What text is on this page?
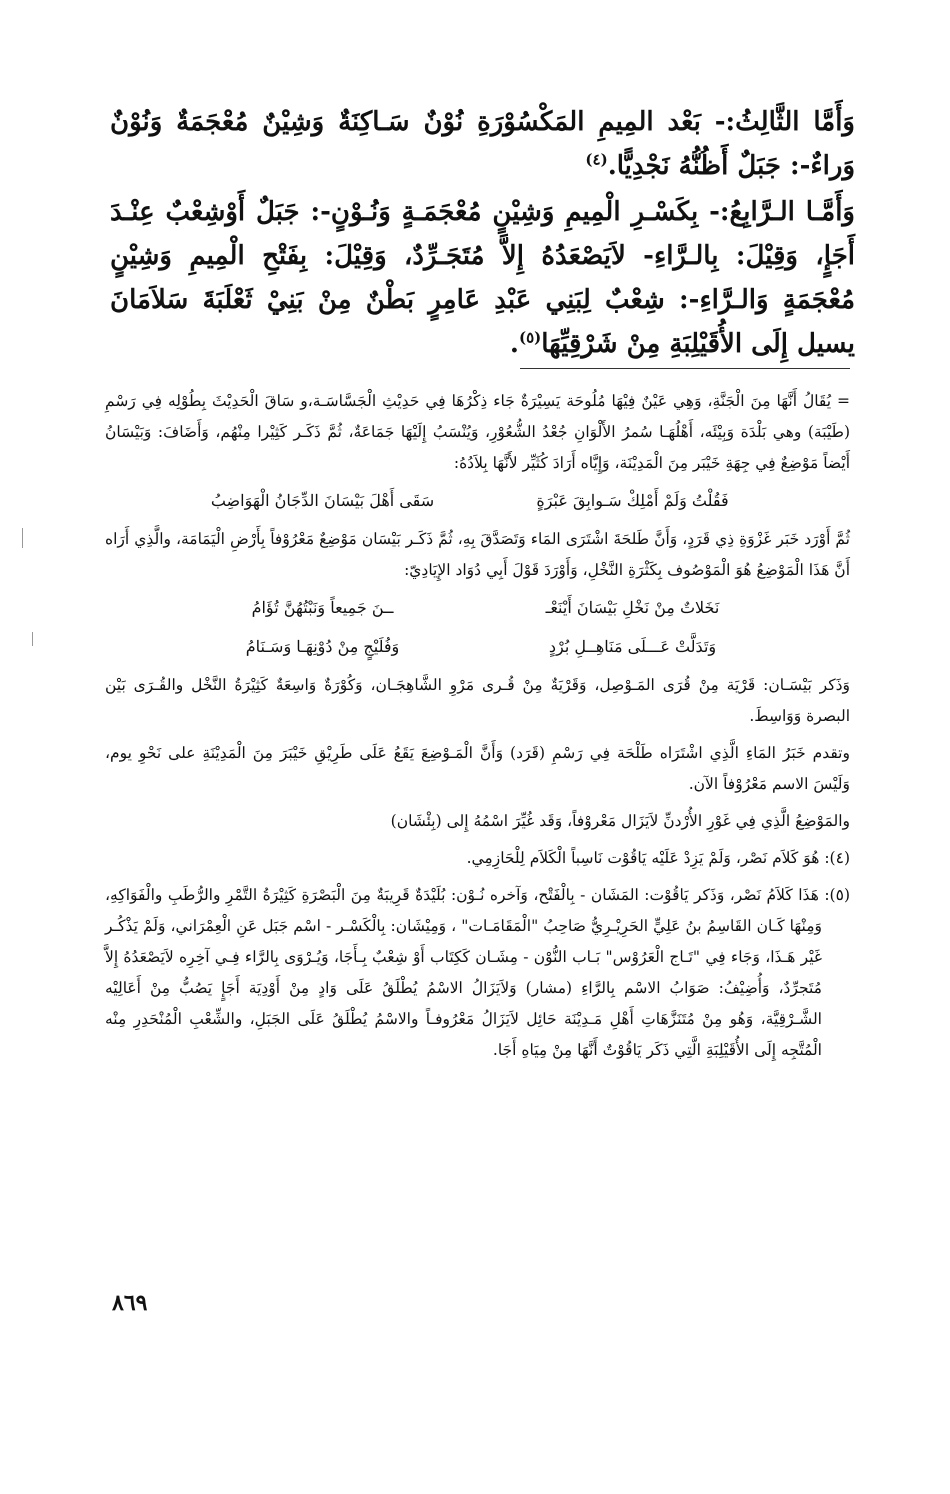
وَأَمَّا الثَّالِثُ:- بَعْد المِيمِ المَكْسُوْرَةِ نُوْنٌ سَـاكِنَةٌ وَشِيْنٌ مُعْجَمَةٌ وَنُوْنٌ وَراءٌ-: جَبَلٌ أَظُنُّهُ نَجْدِيًّا.$^{(٤)}$

وَأَمَّـا الـرَّابِعُ:- بِكَسْـرِ الْمِيمِ وَشِيْنٍ مُعْجَمَـةٍ وَنُـوْنٍ-: جَبَلٌ أَوْشِعْبٌ عِنْـدَ أَجَإٍ، وَقِيْلَ: بِالـرَّاءِ- لاَيَصْعَدُهُ إِلاَّ مُتَجَـرِّدٌ، وَقِيْلَ: بِفَتْحِ الْمِيمِ وَشِيْنٍ مُعْجَمَةٍ وَالـرَّاءِ-: شِعْبٌ لِبَنِي عَبْدِ عَامِرٍ بَطْنٌ مِنْ بَنِيْ ثَعْلَبَةَ سَلاَمَانَ يسيل إِلَى الأُقَيْلِبَةِ مِنْ شَرْقِيِّهَا$^{(٥)}$.

= يُقَالُ أَنَّهَا مِنَ الْجَنَّةِ، وَهِي عَيْنٌ فِيْهَا مُلُوحَة يَسِيْرَةٌ جَاء ذِكْرُهَا فِي حَدِيْثِ الْجَسَّاسَـة،و سَاقَ الْحَدِيْثَ بِطُوْلِه فِي رَسْمِ (طَيْبَة) وهي بَلْدَة وَبِيْئَه، أَهْلُهَـا سُمرُ الأَلْوَانِ جُعْدُ الشُّعُوْرِ، وَيُنْسَبُ إِلَيْهَا جَمَاعَةٌ، ثُمَّ ذَكَـر كَثِيْرا مِنْهُم، وَأَضَافَ: وَبَيْسَانُ أَيْضاً مَوْضِعٌ فِي جِهَةِ خَيْبَر مِنَ الْمَدِيْنَة، وَإِيَّاه أَرَادَ كُثَيِّر لأَنَّهَا بِلاَدُهُ:

فَقُلْتُ وَلَمْ أَمْلِكْ سَـوابِقَ عَبْرَةٍ
سَقَى أَهْلَ بَيْسَانَ الدِّجَانُ الْهَوَاضِبُ

ثُمَّ أَوْرَد خَبَر غَزْوَةِ ذِي قَرَدٍ، وَأَنَّ طَلحَةَ اشْتَرَى المَاء وَتَصَدَّقَ بِهِ، ثُمَّ ذَكَـر بَيْسَان مَوْضِعٌ مَعْرُوْفاً بِأَرْضِ الْيَمَامَة، والَّذِي أَرَاه أَنَّ هَذَا الْمَوْضِعُ هُوَ الْمَوْصُوف بِكَثْرَةِ النَّخْلِ، وَأَوْرَدَ قَوْلَ أَبِي دُوَاد الإِيَادِيّ:

نَخَلاتٌ مِنْ نَخْلِ بَيْسَانَ أَيْنَعْـ
ــنَ جَمِيعاً وَنَبْتُهُنَّ تُؤَامُ
وَتَدَلَّتْ عَـــلَى مَنَاهِــلِ بُرْدٍ
وَفُلَيْجٍ مِنْ دُوْنِهَـا وَسَـنَامُ

وَذَكر بَيْسَـان: قَرْيَة مِنْ قُرَى المَـوْصِل، وَقَرْيَةٌ مِنْ قُـرى مَرْوِ الشَّاهِجَـان، وَكُوْرَةٌ وَاسِعَةٌ كَثِيْرَةُ النَّخْل والقُـرَى بَيْن البصرة وَوَاسِطَ.

وتقدم خَبَرُ المَاءِ الَّذِي اشْتَرَاه طَلْحَة فِي رَسْمِ (قَرَد) وَأَنَّ الْمَـوْضِعَ يَقَعُ عَلَى طَرِيْقِ خَيْبَرَ مِنَ الْمَدِيْنَةِ على نَحْوِ يوم، وَلَيْسَ الاسم مَعْرُوْفاً الآن.

والمَوْضِعُ الَّذِي فِي غَوْرِ الأُرْدنِّ لاَيَزَال مَعْروْفاً، وَقَد غُيِّرَ اسْمُهُ إِلى (بِئْشَان)

(٤): هُوَ كَلاَم نَصْر، وَلَمْ يَزِدْ عَلَيْه يَاقُوْت نَاسِباً الْكَلاَم لِلْحَازِمِي.

(٥): هَذَا كَلاَمُ نَصْر، وَذَكر يَاقُوْت: المَشَان - بِالْفَتْح، وَآخره نُـوْن: بُلَيْدَةٌ قَرِيبَةٌ مِنَ الْبَصْرَةِ كَثِيْرَةُ التَّمْرِ والرُّطَبِ والْفَوَاكِهِ، وَمِنْهَا كَـان القَاسِمُ بنُ عَلِيٍّ الحَرِيْـرِيُّ صَاحِبُ "الْمَقَامَـات" ، وَمِيْشَان: بِالْكَسْـر - اسْم جَبَل عَنِ الْعِمْرَاني، وَلَمْ يَذْكُـر غَيْر هَـذَا، وَجَاء فِي "تَـاج الْعَرُوْس" بَـاب النُّوْن - مِشَـان كَكِتَاب أَوْ شِعْبٌ بِـأَجَا، وَيُـرْوَى بِالرَّاء فِـي آخِرِه لاَيَصْعَدُهُ إِلاَّ مُتَجرِّدٌ، وَأُضِيْفُ: صَوَابُ الاسْم بِالرَّاءِ (مشار) وَلاَيَزَالُ الاسْمُ يُطْلَقُ عَلَى وَادٍ مِنْ أَوْدِيَة أَجَإٍ يَصُبُّ مِنْ أَعَالِيْه الشَّـرْقِيَّة، وَهُو مِنْ مُتَنَزَّهَاتِ أَهْلِ مَـدِيْنَة حَائِل لاَيَزَالُ مَعْرُوفـاً والاسْمُ يُطْلَقُ عَلَى الجَبَلِ، والشِّعْبِ الْمُنْحَدِرِ مِنْه الْمُتَّجِه إِلَى الأُقَيْلِبَةِ الَّتِي ذَكَر يَاقُوْتٌ أَنَّهَا مِنْ مِيَاهِ أَجَا.

٨٦٩
